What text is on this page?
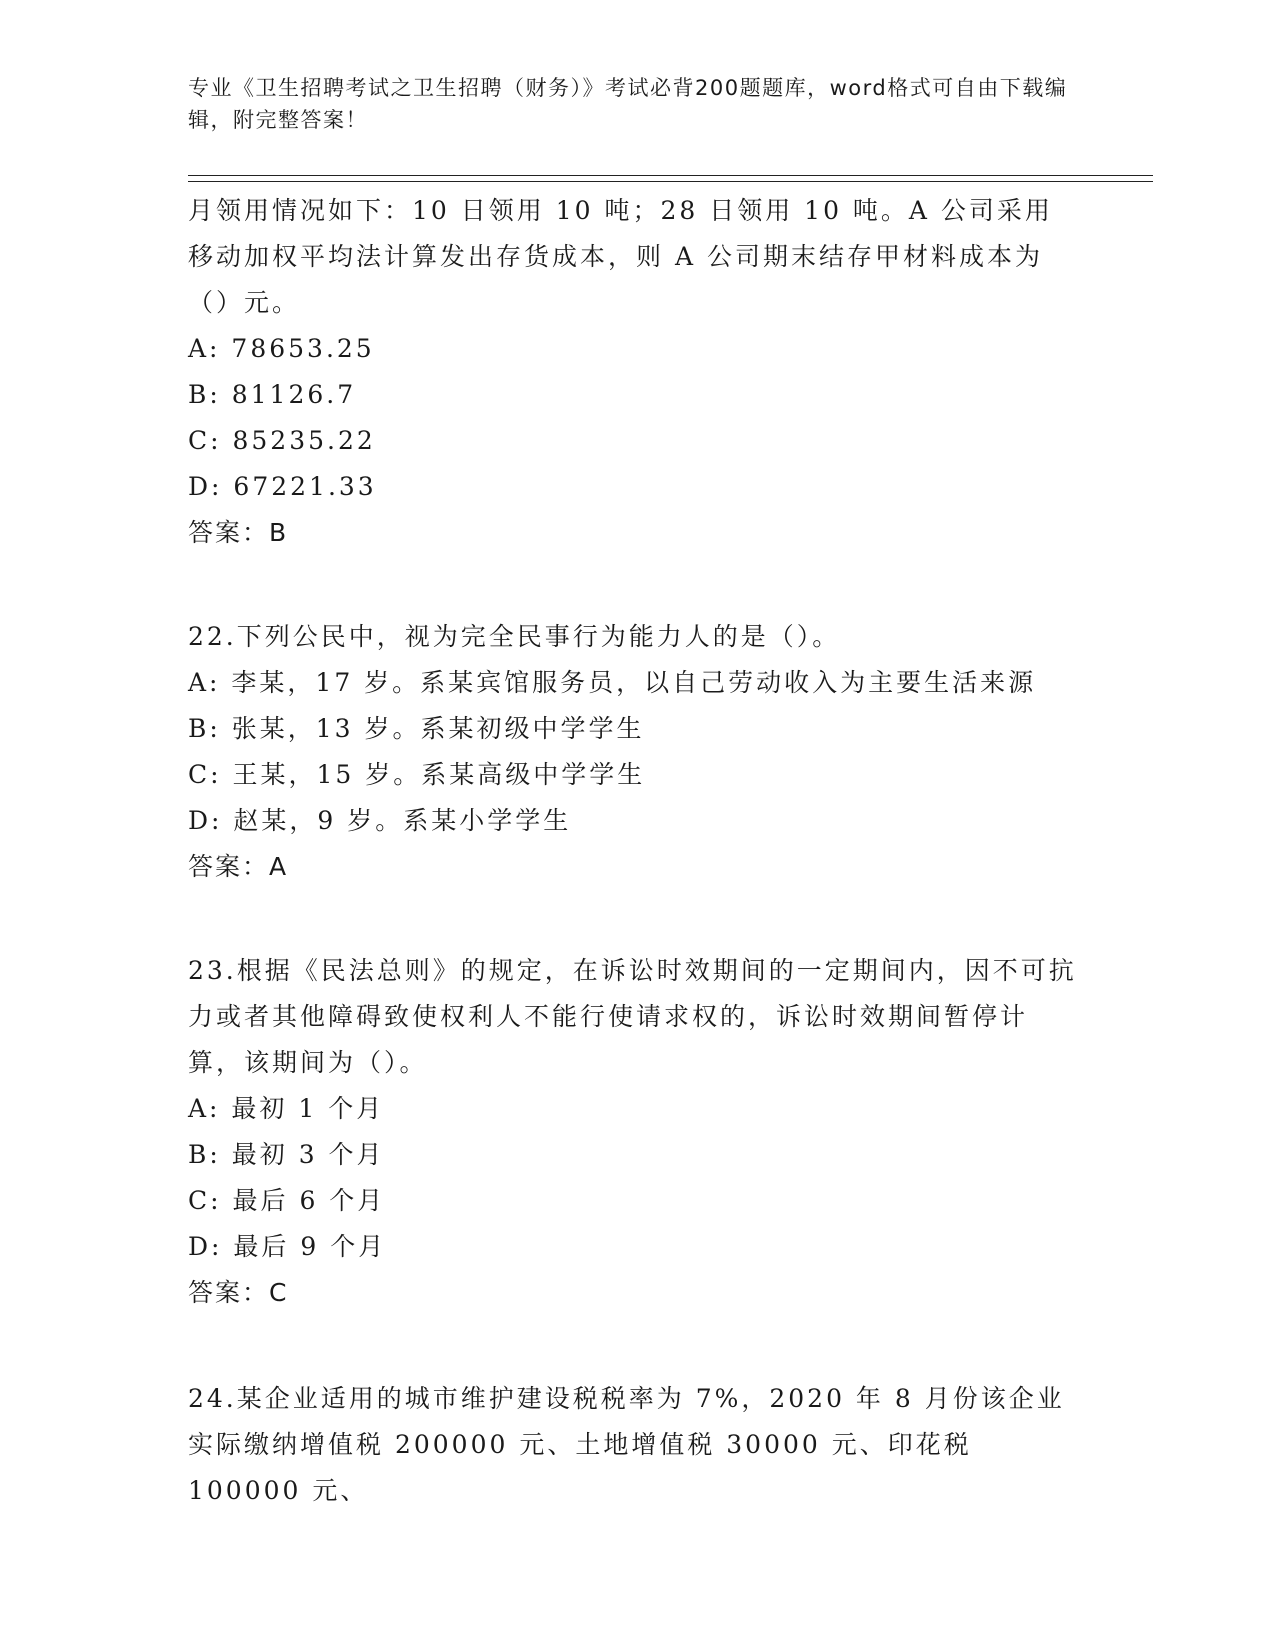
专业《卫生招聘考试之卫生招聘（财务）》考试必背200题题库，word格式可自由下载编辑，附完整答案！

月领用情况如下：10 日领用 10 吨；28 日领用 10 吨。A 公司采用移动加权平均法计算发出存货成本，则 A 公司期末结存甲材料成本为（）元。

A: 78653.25

B: 81126.7

C: 85235.22

D: 67221.33

答案：B

22.下列公民中，视为完全民事行为能力人的是（）。

A: 李某，17 岁。系某宾馆服务员，以自己劳动收入为主要生活来源

B: 张某，13 岁。系某初级中学学生

C: 王某，15 岁。系某高级中学学生

D: 赵某，9 岁。系某小学学生

答案：A

23.根据《民法总则》的规定，在诉讼时效期间的一定期间内，因不可抗力或者其他障碍致使权利人不能行使请求权的，诉讼时效期间暂停计算，该期间为（）。

A: 最初 1 个月

B: 最初 3 个月

C: 最后 6 个月

D: 最后 9 个月

答案：C

24.某企业适用的城市维护建设税税率为 7%，2020 年 8 月份该企业实际缴纳增值税 200000 元、土地增值税 30000 元、印花税 100000 元、
